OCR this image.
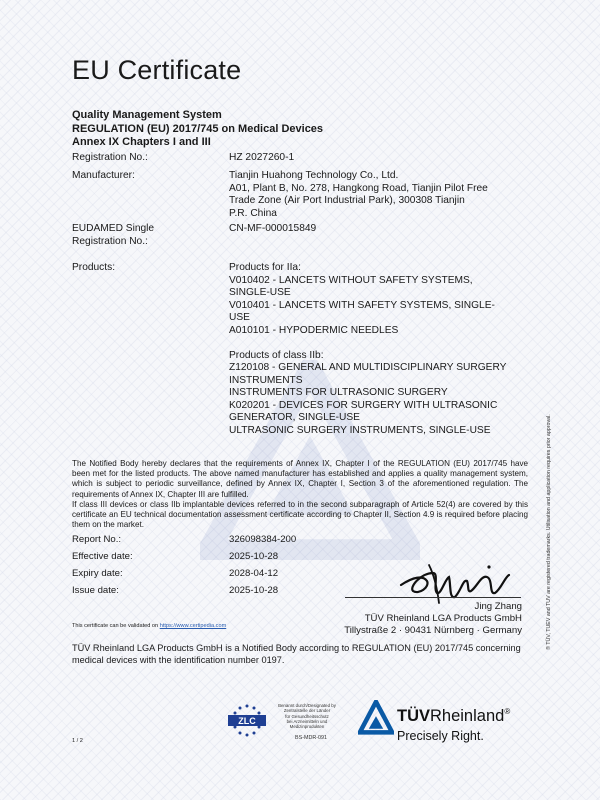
EU Certificate
Quality Management System
REGULATION (EU) 2017/745 on Medical Devices
Annex IX Chapters I and III
Registration No.:	HZ 2027260-1
Manufacturer:	Tianjin Huahong Technology Co., Ltd.
A01, Plant B, No. 278, Hangkong Road, Tianjin Pilot Free
Trade Zone (Air Port Industrial Park), 300308 Tianjin
P.R. China
EUDAMED Single
Registration No.:
CN-MF-000015849
Products:	Products for IIa:
V010402 - LANCETS WITHOUT SAFETY SYSTEMS,
SINGLE-USE
V010401 - LANCETS WITH SAFETY SYSTEMS, SINGLE-
USE
A010101 - HYPODERMIC NEEDLES
Products of class IIb:
Z120108 - GENERAL AND MULTIDISCIPLINARY SURGERY
INSTRUMENTS
INSTRUMENTS FOR ULTRASONIC SURGERY
K020201 - DEVICES FOR SURGERY WITH ULTRASONIC
GENERATOR, SINGLE-USE
ULTRASONIC SURGERY INSTRUMENTS, SINGLE-USE

The Notified Body hereby declares that the requirements of Annex IX, Chapter I of the REGULATION (EU) 2017/745 have been met for the listed products. The above named manufacturer has established and applies a quality management system, which is subject to periodic surveillance, defined by Annex IX, Chapter I, Section 3 of the aforementioned regulation. The requirements of Annex IX, Chapter III are fulfilled.

If class III devices or class IIb implantable devices referred to in the second subparagraph of Article 52(4) are covered by this certificate an EU technical documentation assessment certificate according to Chapter II, Section 4.9 is required before placing them on the market.

Report No.:	326098384-200
Effective date:	2025-10-28
Expiry date:	2028-04-12
Issue date:	2025-10-28
Jing Zhang
TÜV Rheinland LGA Products GmbH
Tillystraße 2 · 90431 Nürnberg · Germany
This certificate can be validated on https://www.certipedia.com
TÜV Rheinland LGA Products GmbH is a Notified Body according to REGULATION (EU) 2017/745 concerning medical devices with the identification number 0197.
® TÜV, TUEV and TUV are registered trademarks. Utilisation and application requires prior approval.
ZLC
Benannt durch/Designated by
Zentralstelle der Länder
für Gesundheitsschutz
bei Arzneimitteln und
Medizinprodukten
BS-MDR-091
TÜVRheinland®
Precisely Right.
1 / 2
